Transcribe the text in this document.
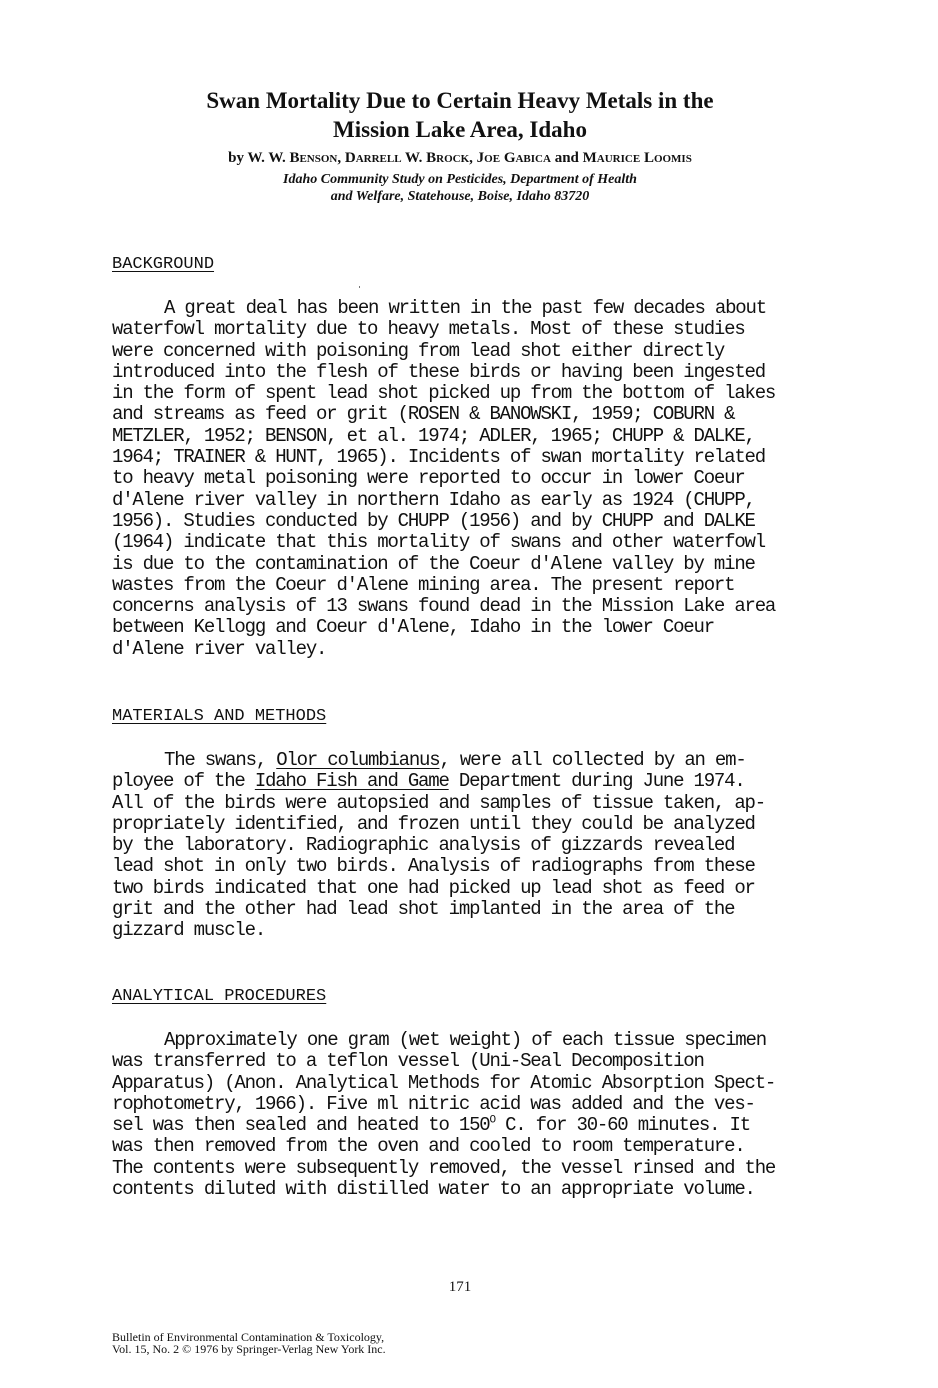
Swan Mortality Due to Certain Heavy Metals in the
Mission Lake Area, Idaho
by W. W. Benson, Darrell W. Brock, Joe Gabica and Maurice Loomis
Idaho Community Study on Pesticides, Department of Health
and Welfare, Statehouse, Boise, Idaho 83720
BACKGROUND
A great deal has been written in the past few decades about
waterfowl mortality due to heavy metals. Most of these studies
were concerned with poisoning from lead shot either directly
introduced into the flesh of these birds or having been ingested
in the form of spent lead shot picked up from the bottom of lakes
and streams as feed or grit (ROSEN & BANOWSKI, 1959; COBURN &
METZLER, 1952; BENSON, et al. 1974; ADLER, 1965; CHUPP & DALKE,
1964; TRAINER & HUNT, 1965). Incidents of swan mortality related
to heavy metal poisoning were reported to occur in lower Coeur
d'Alene river valley in northern Idaho as early as 1924 (CHUPP,
1956). Studies conducted by CHUPP (1956) and by CHUPP and DALKE
(1964) indicate that this mortality of swans and other waterfowl
is due to the contamination of the Coeur d'Alene valley by mine
wastes from the Coeur d'Alene mining area. The present report
concerns analysis of 13 swans found dead in the Mission Lake area
between Kellogg and Coeur d'Alene, Idaho in the lower Coeur
d'Alene river valley.
MATERIALS AND METHODS
The swans, Olor columbianus, were all collected by an em-
ployee of the Idaho Fish and Game Department during June 1974.
All of the birds were autopsied and samples of tissue taken, ap-
propriately identified, and frozen until they could be analyzed
by the laboratory. Radiographic analysis of gizzards revealed
lead shot in only two birds. Analysis of radiographs from these
two birds indicated that one had picked up lead shot as feed or
grit and the other had lead shot implanted in the area of the
gizzard muscle.
ANALYTICAL PROCEDURES
Approximately one gram (wet weight) of each tissue specimen
was transferred to a teflon vessel (Uni-Seal Decomposition
Apparatus) (Anon. Analytical Methods for Atomic Absorption Spect-
rophotometry, 1966). Five ml nitric acid was added and the ves-
sel was then sealed and heated to $150^O$ C. for 30-60 minutes. It
was then removed from the oven and cooled to room temperature.
The contents were subsequently removed, the vessel rinsed and the
contents diluted with distilled water to an appropriate volume.
171
Bulletin of Environmental Contamination & Toxicology,
Vol. 15, No. 2 © 1976 by Springer-Verlag New York Inc.
